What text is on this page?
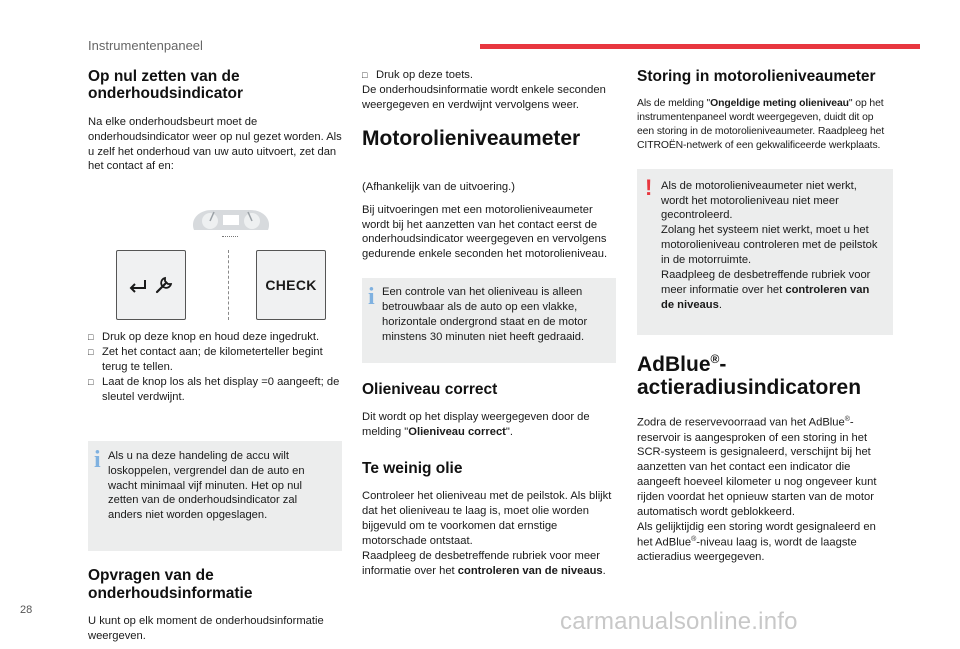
Instrumentenpaneel
Op nul zetten van de onderhoudsindicator

Na elke onderhoudsbeurt moet de onderhoudsindicator weer op nul gezet worden. Als u zelf het onderhoud van uw auto uitvoert, zet dan het contact af en:

CHECK
□ Druk op deze knop en houd deze ingedrukt.
□ Zet het contact aan; de kilometerteller begint terug te tellen.
□ Laat de knop los als het display =0 aangeeft; de sleutel verdwijnt.
i Als u na deze handeling de accu wilt loskoppelen, vergrendel dan de auto en wacht minimaal vijf minuten. Het op nul zetten van de onderhoudsindicator zal anders niet worden opgeslagen.

Opvragen van de onderhoudsinformatie

U kunt op elk moment de onderhoudsinformatie weergeven.

□ Druk op deze toets.

De onderhoudsinformatie wordt enkele seconden weergegeven en verdwijnt vervolgens weer.

Motorolieniveaumeter

(Afhankelijk van de uitvoering.)

Bij uitvoeringen met een motorolieniveaumeter wordt bij het aanzetten van het contact eerst de onderhoudsindicator weergegeven en vervolgens gedurende enkele seconden het motorolieniveau.

i Een controle van het olieniveau is alleen betrouwbaar als de auto op een vlakke, horizontale ondergrond staat en de motor minstens 30 minuten niet heeft gedraaid.

Olieniveau correct

Dit wordt op het display weergegeven door de melding "Olieniveau correct".

Te weinig olie

Controleer het olieniveau met de peilstok. Als blijkt dat het olieniveau te laag is, moet olie worden bijgevuld om te voorkomen dat ernstige motorschade ontstaat.

Raadpleeg de desbetreffende rubriek voor meer informatie over het controleren van de niveaus.

Storing in motorolieniveaumeter

Als de melding "Ongeldige meting olieniveau" op het instrumentenpaneel wordt weergegeven, duidt dit op een storing in de motorolieniveaumeter. Raadpleeg het CITROËN-netwerk of een gekwalificeerde werkplaats.

! Als de motorolieniveaumeter niet werkt, wordt het motorolieniveau niet meer gecontroleerd.

Zolang het systeem niet werkt, moet u het motorolieniveau controleren met de peilstok in de motorruimte.

Raadpleeg de desbetreffende rubriek voor meer informatie over het controleren van de niveaus.

AdBlue®-
actieradiusindicatoren

Zodra de reservevoorraad van het AdBlue®-reservoir is aangesproken of een storing in het SCR-systeem is gesignaleerd, verschijnt bij het aanzetten van het contact een indicator die aangeeft hoeveel kilometer u nog ongeveer kunt rijden voordat het opnieuw starten van de motor automatisch wordt geblokkeerd.

Als gelijktijdig een storing wordt gesignaleerd en het AdBlue®-niveau laag is, wordt de laagste actieradius weergegeven.

28	carmanualsonline.info
